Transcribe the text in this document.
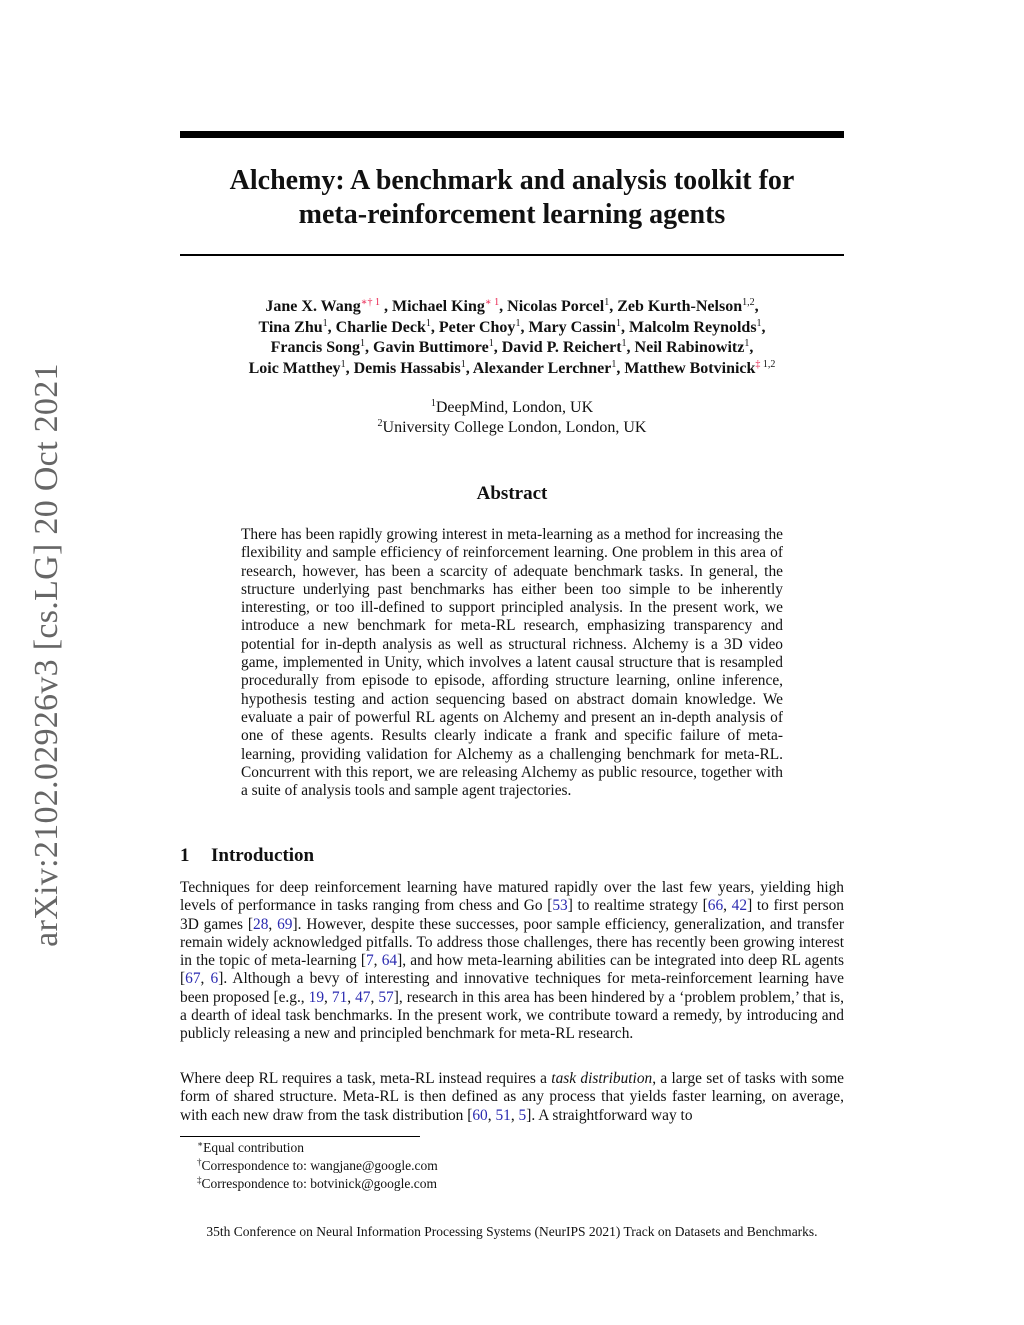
arXiv:2102.02926v3 [cs.LG] 20 Oct 2021
Alchemy: A benchmark and analysis toolkit for
meta-reinforcement learning agents

Jane X. Wang$^{∗\dagger 1}$ , Michael King$^{∗ 1}$, Nicolas Porcel$^1$, Zeb Kurth-Nelson$^{1,2}$,

Tina Zhu$^1$, Charlie Deck$^1$, Peter Choy$^1$, Mary Cassin$^1$, Malcolm Reynolds$^1$,

Francis Song$^1$, Gavin Buttimore$^1$, David P. Reichert$^1$, Neil Rabinowitz$^1$,

Loic Matthey$^1$, Demis Hassabis$^1$, Alexander Lerchner$^1$, Matthew Botvinick‡ $^{1,2}$

$^1$DeepMind, London, UK

$^2$University College London, London, UK

Abstract
There has been rapidly growing interest in meta-learning as a method for increasing the flexibility and sample efficiency of reinforcement learning. One problem in this area of research, however, has been a scarcity of adequate benchmark tasks. In general, the structure underlying past benchmarks has either been too simple to be inherently interesting, or too ill-defined to support principled analysis. In the present work, we introduce a new benchmark for meta-RL research, emphasizing transparency and potential for in-depth analysis as well as structural richness. Alchemy is a 3D video game, implemented in Unity, which involves a latent causal structure that is resampled procedurally from episode to episode, affording structure learning, online inference, hypothesis testing and action sequencing based on abstract domain knowledge. We evaluate a pair of powerful RL agents on Alchemy and present an in-depth analysis of one of these agents. Results clearly indicate a frank and specific failure of meta-learning, providing validation for Alchemy as a challenging benchmark for meta-RL. Concurrent with this report, we are releasing Alchemy as public resource, together with a suite of analysis tools and sample agent trajectories.
1 Introduction

Techniques for deep reinforcement learning have matured rapidly over the last few years, yielding high levels of performance in tasks ranging from chess and Go [53] to realtime strategy [66, 42] to first person 3D games [28, 69]. However, despite these successes, poor sample efficiency, generalization, and transfer remain widely acknowledged pitfalls. To address those challenges, there has recently been growing interest in the topic of meta-learning [7, 64], and how meta-learning abilities can be integrated into deep RL agents [67, 6]. Although a bevy of interesting and innovative techniques for meta-reinforcement learning have been proposed [e.g., 19, 71, 47, 57], research in this area has been hindered by a ‘problem problem,’ that is, a dearth of ideal task benchmarks. In the present work, we contribute toward a remedy, by introducing and publicly releasing a new and principled benchmark for meta-RL research.

Where deep RL requires a task, meta-RL instead requires a task distribution, a large set of tasks with some form of shared structure. Meta-RL is then defined as any process that yields faster learning, on average, with each new draw from the task distribution [60, 51, 5]. A straightforward way to

∗Equal contribution

†Correspondence to: wangjane@google.com

‡Correspondence to: botvinick@google.com

35th Conference on Neural Information Processing Systems (NeurIPS 2021) Track on Datasets and Benchmarks.
